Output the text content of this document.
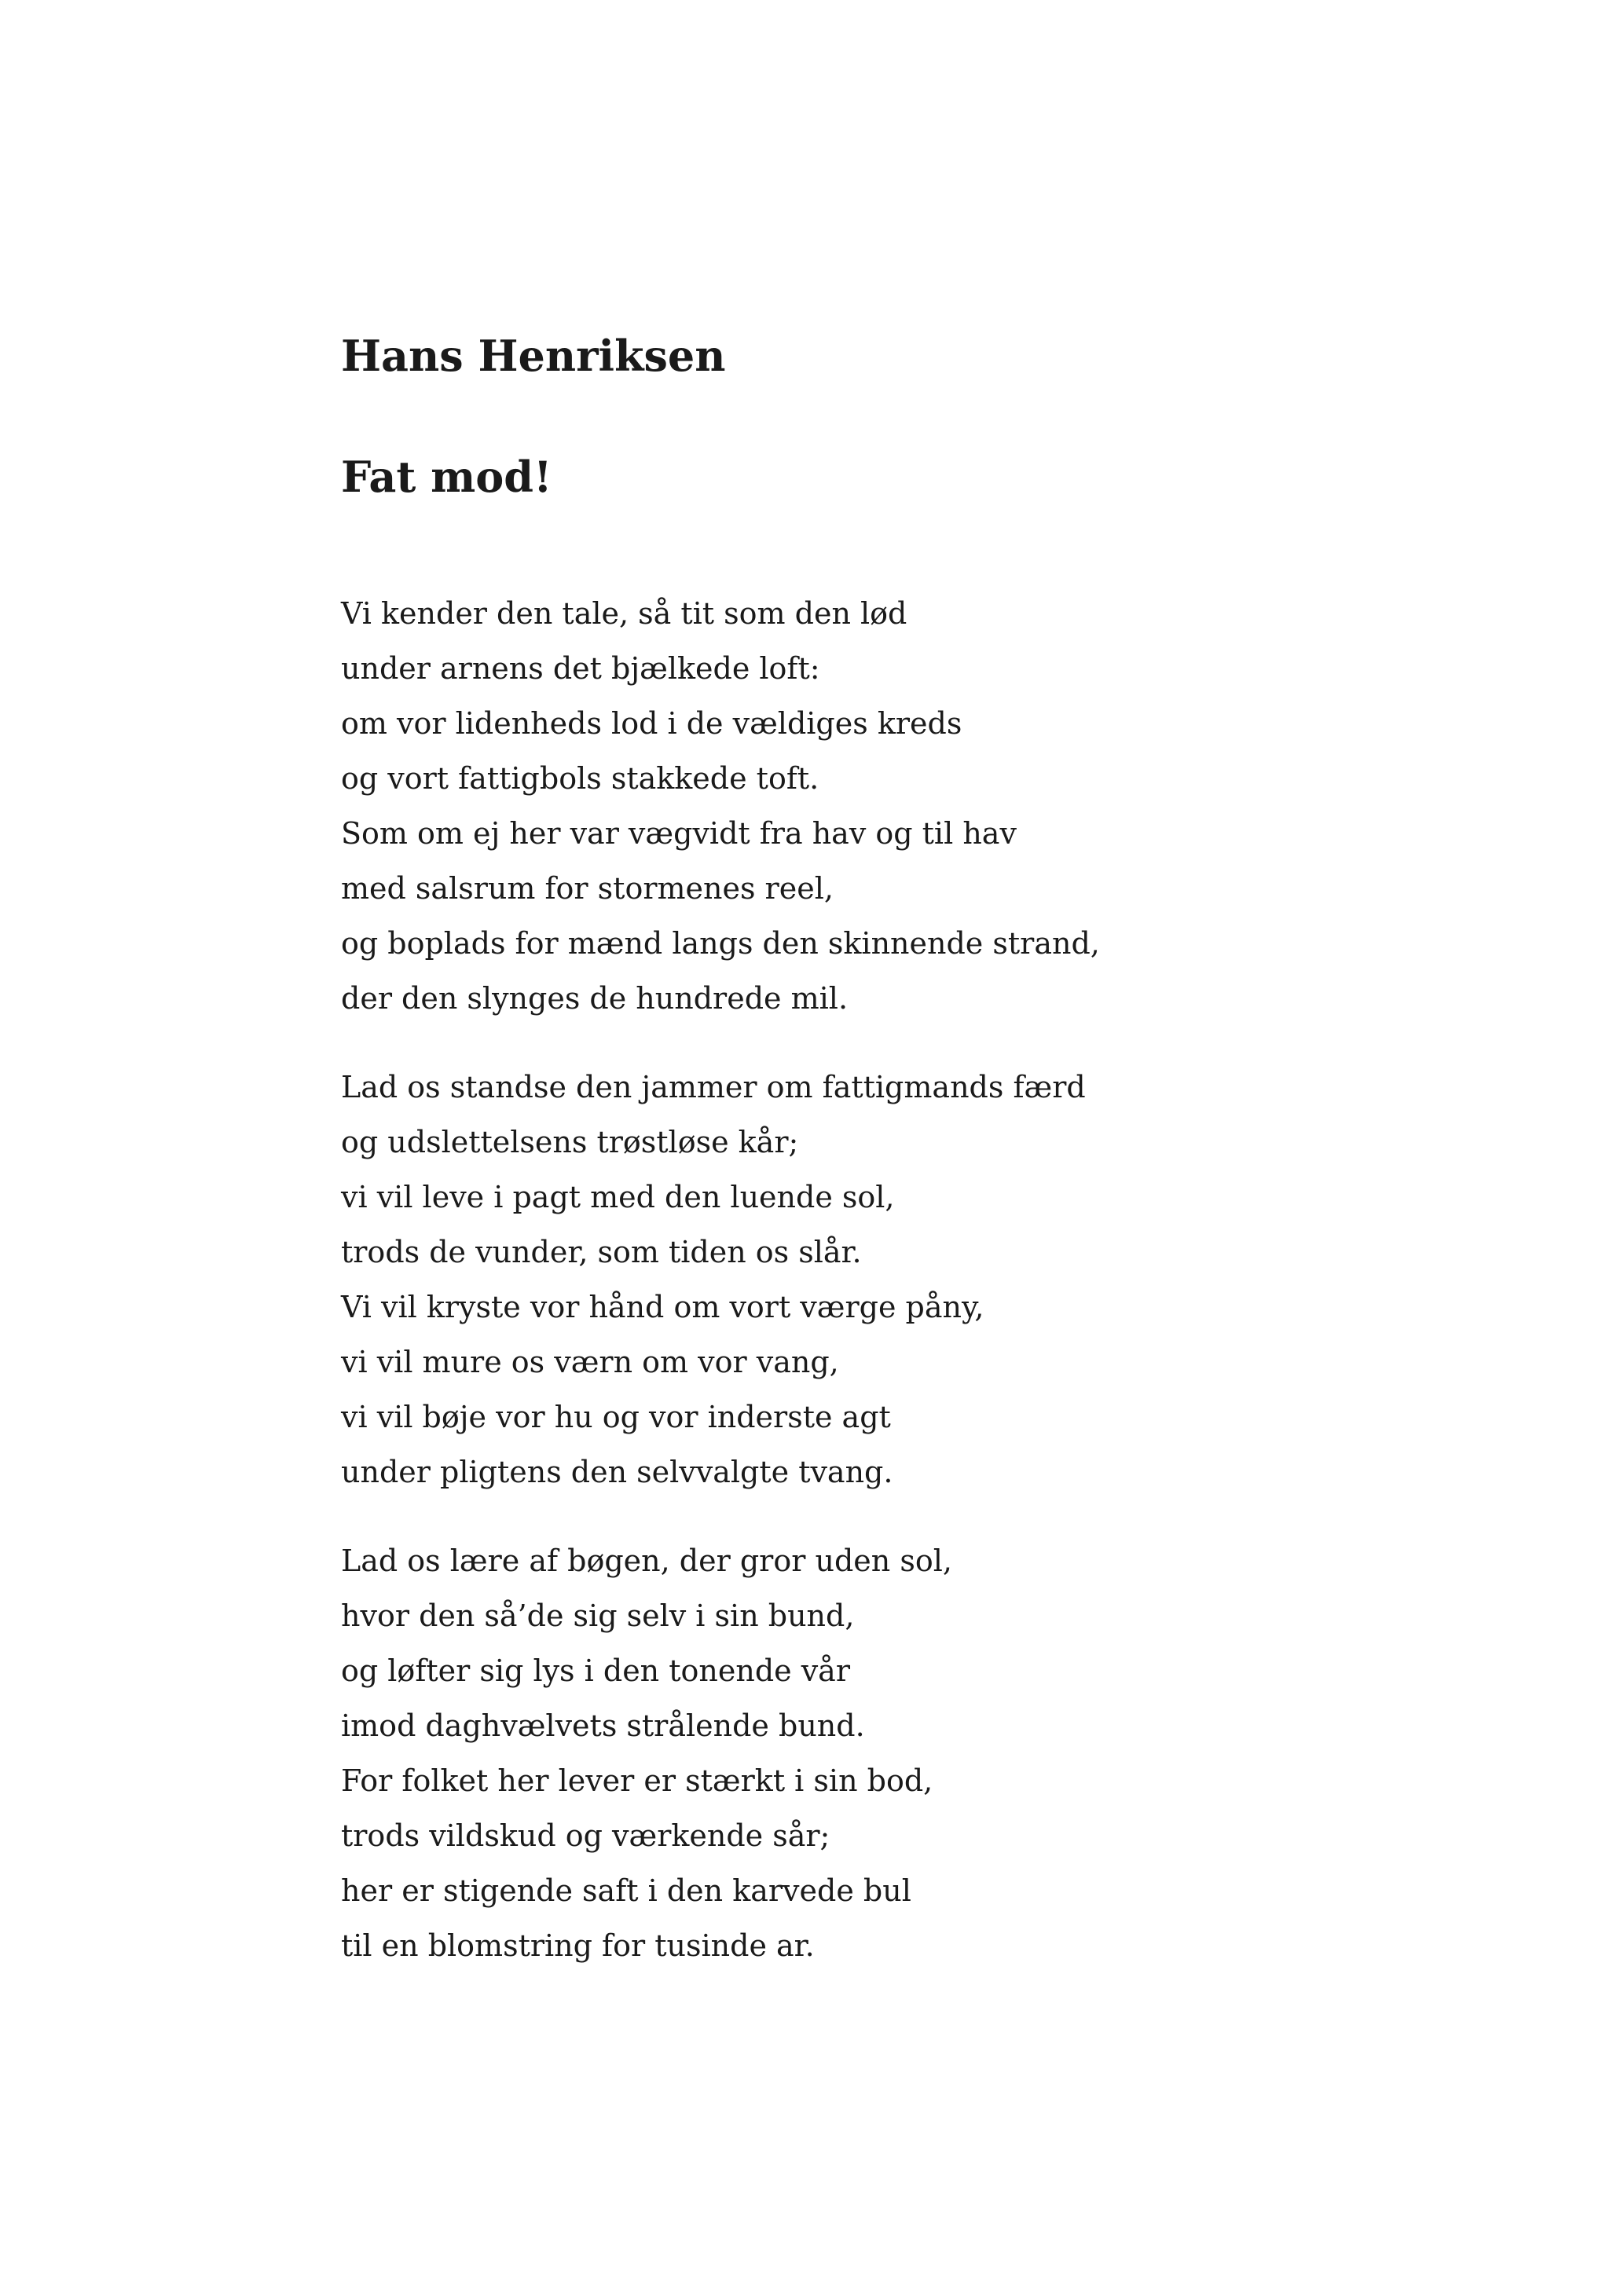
Hans Henriksen
Fat mod!
Vi kender den tale, så tit som den lød
under arnens det bjælkede loft:
om vor lidenheds lod i de vældiges kreds
og vort fattigbols stakkede toft.
Som om ej her var vægvidt fra hav og til hav
med salsrum for stormenes reel,
og boplads for mænd langs den skinnende strand,
der den slynges de hundrede mil.
Lad os standse den jammer om fattigmands færd
og udslettelsens trøstløse kår;
vi vil leve i pagt med den luende sol,
trods de vunder, som tiden os slår.
Vi vil kryste vor hånd om vort værge påny,
vi vil mure os værn om vor vang,
vi vil bøje vor hu og vor inderste agt
under pligtens den selvvalgte tvang.
Lad os lære af bøgen, der gror uden sol,
hvor den så’de sig selv i sin bund,
og løfter sig lys i den tonende vår
imod daghvælvets strålende bund.
For folket her lever er stærkt i sin bod,
trods vildskud og værkende sår;
her er stigende saft i den karvede bul
til en blomstring for tusinde ar.
